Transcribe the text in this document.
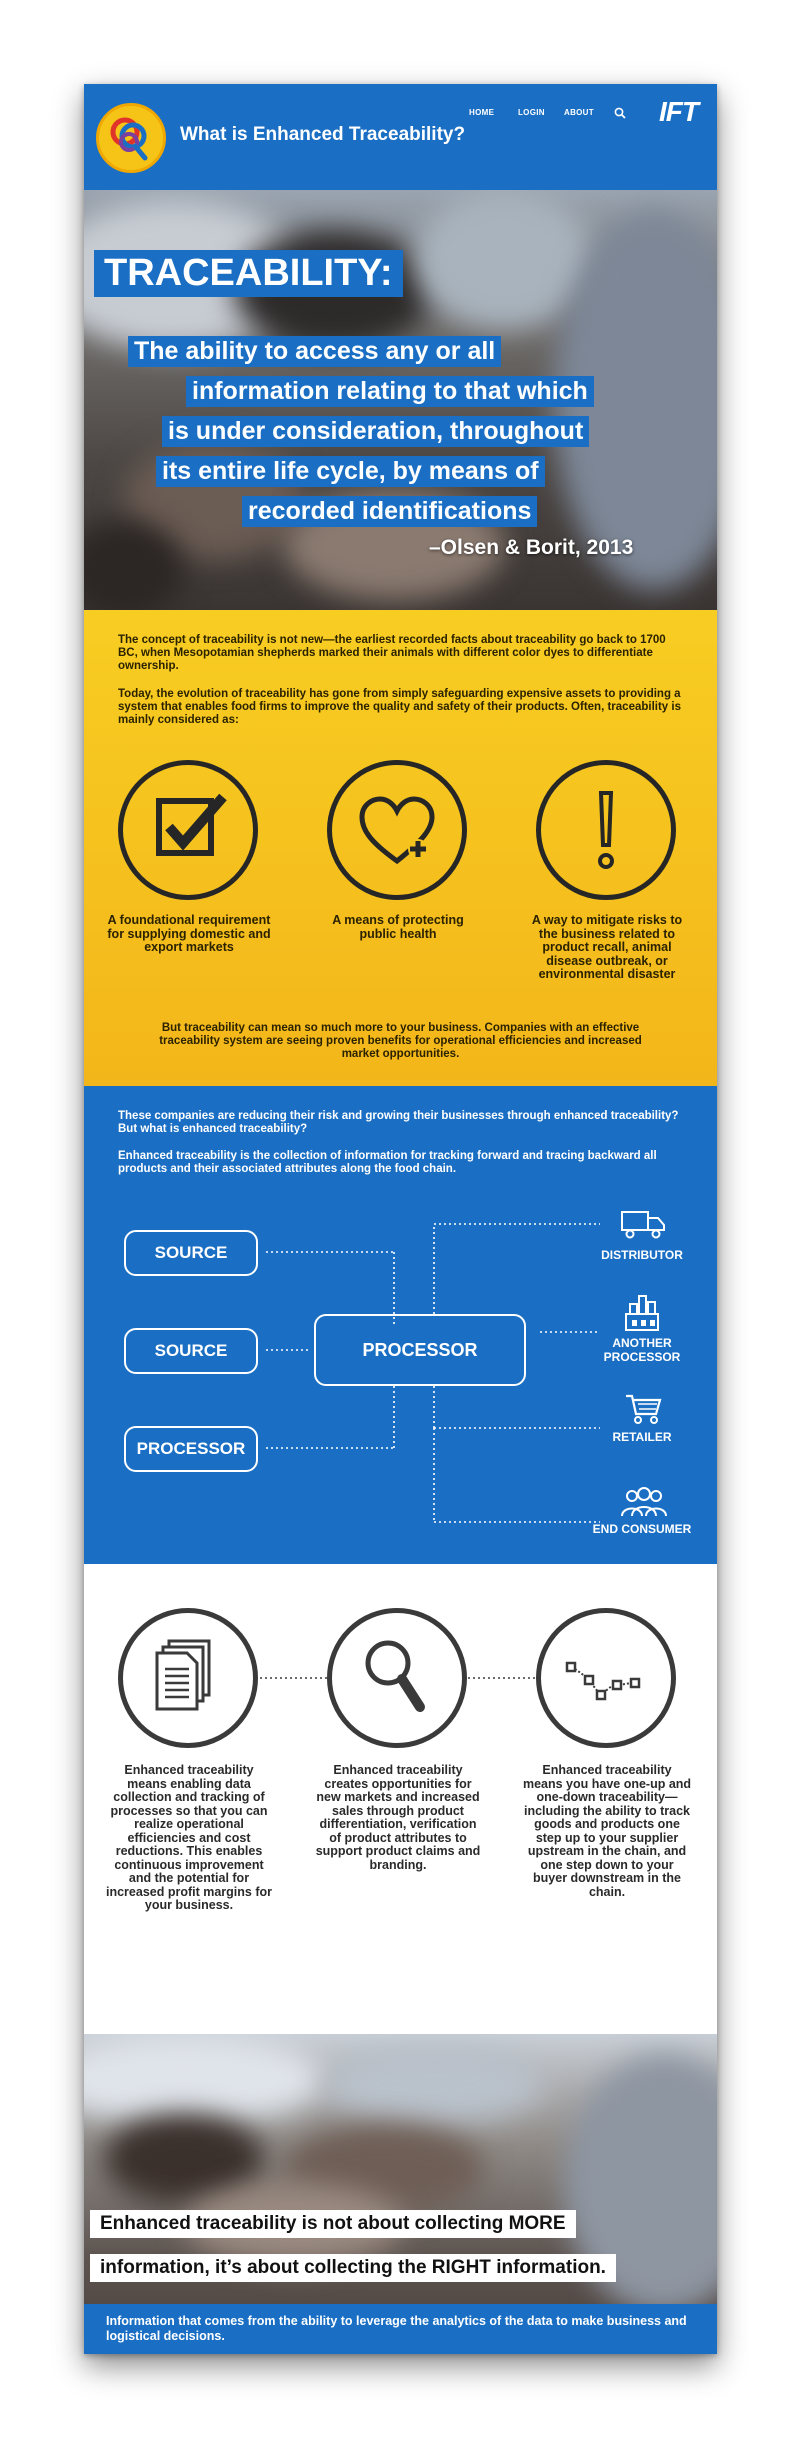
What is Enhanced Traceability?
HOME	LOGIN ABOUT IFT
TRACEABILITY:
The ability to access any or all
information relating to that which
is under consideration, throughout
its entire life cycle, by means of
recorded identifications
–Olsen & Borit, 2013
The concept of traceability is not new—the earliest recorded facts about traceability go back to 1700 BC, when Mesopotamian shepherds marked their animals with different color dyes to differentiate ownership.
Today, the evolution of traceability has gone from simply safeguarding expensive assets to providing a system that enables food firms to improve the quality and safety of their products. Often, traceability is mainly considered as:
A foundational requirement for supplying domestic and export markets
A means of protecting public health
A way to mitigate risks to the business related to product recall, animal disease outbreak, or environmental disaster
But traceability can mean so much more to your business. Companies with an effective traceability system are seeing proven benefits for operational efficiencies and increased market opportunities.
These companies are reducing their risk and growing their businesses through enhanced traceability? But what is enhanced traceability?
Enhanced traceability is the collection of information for tracking forward and tracing backward all products and their associated attributes along the food chain.
SOURCE
SOURCE
PROCESSOR
PROCESSOR
DISTRIBUTOR
ANOTHER PROCESSOR
RETAILER
END CONSUMER
Enhanced traceability means enabling data collection and tracking of processes so that you can realize operational efficiencies and cost reductions. This enables continuous improvement and the potential for increased profit margins for your business.
Enhanced traceability creates opportunities for new markets and increased sales through product differentiation, verification of product attributes to support product claims and branding.
Enhanced traceability means you have one-up and one-down traceability—including the ability to track goods and products one step up to your supplier upstream in the chain, and one step down to your buyer downstream in the chain.
Enhanced traceability is not about collecting MORE
information, it’s about collecting the RIGHT information.
Information that comes from the ability to leverage the analytics of the data to make business and logistical decisions.
